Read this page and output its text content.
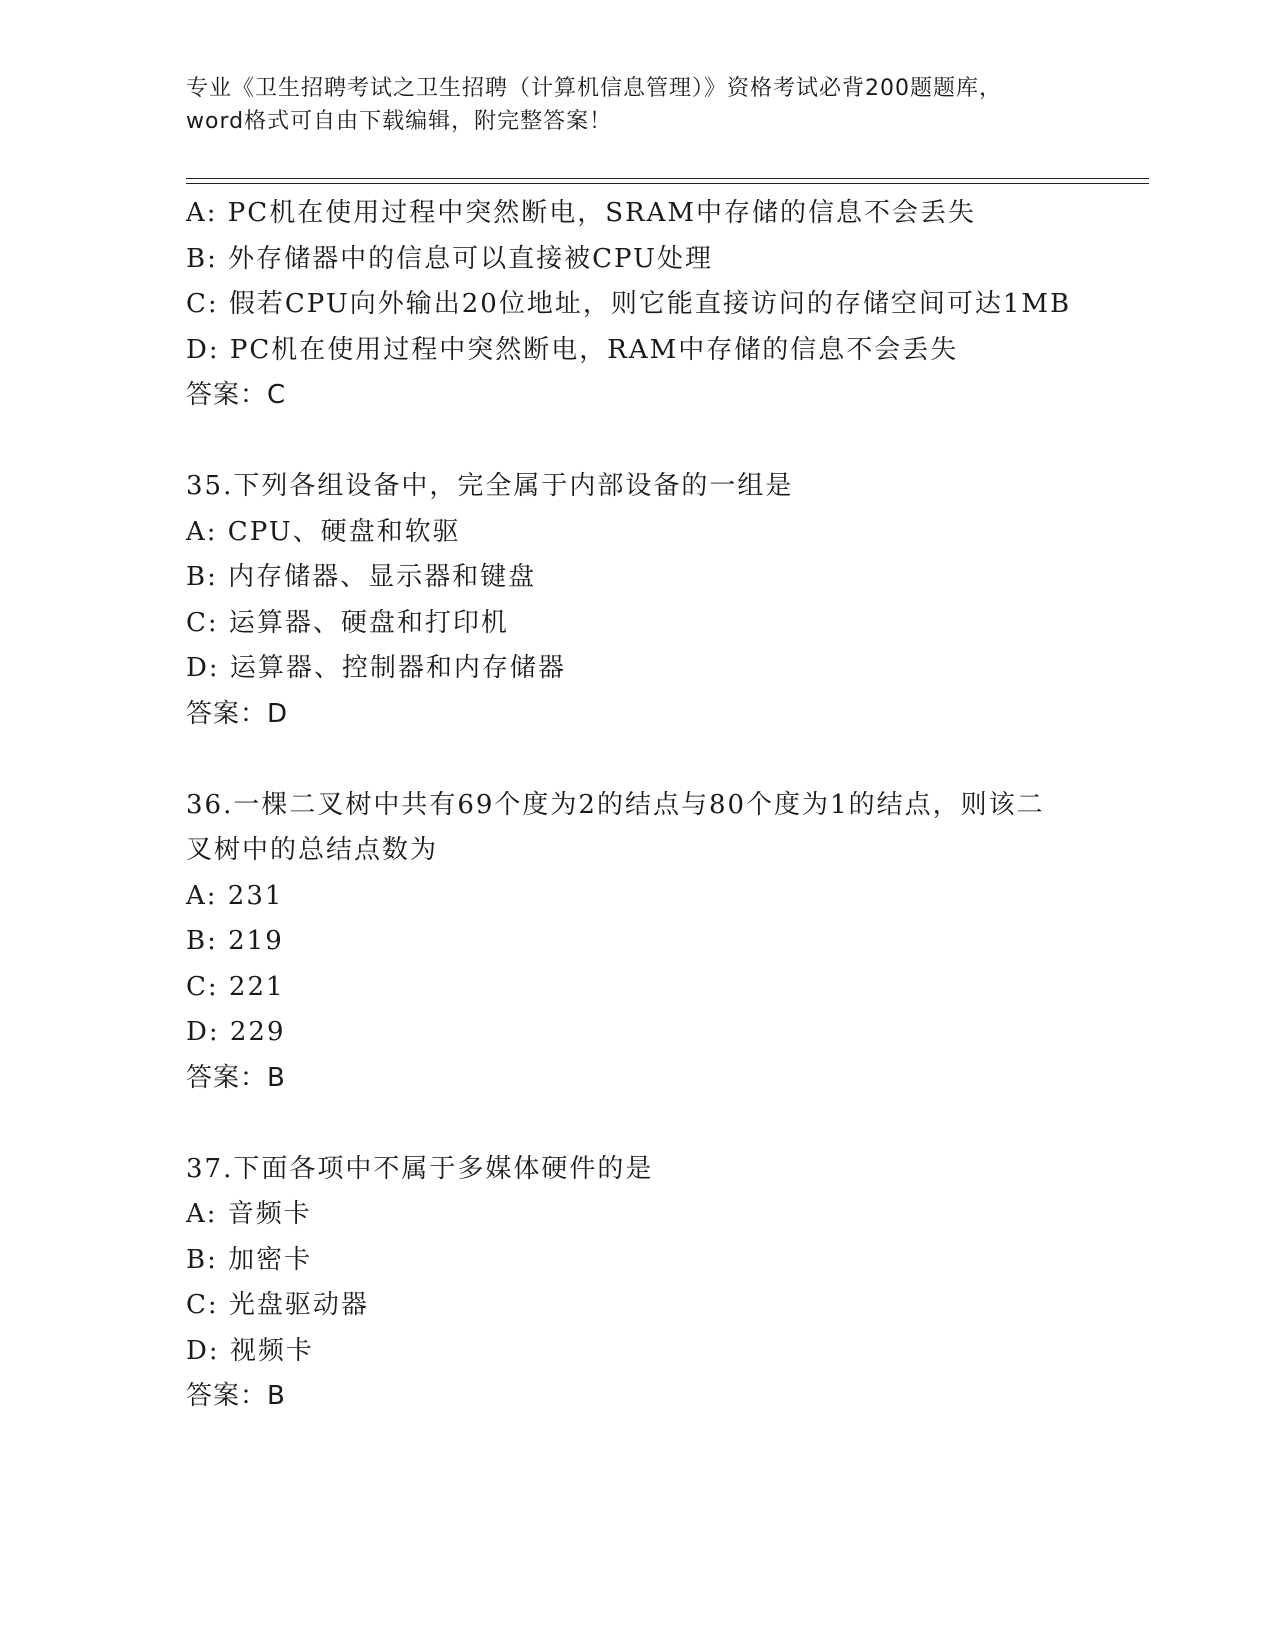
专业《卫生招聘考试之卫生招聘（计算机信息管理）》资格考试必背200题题库，
word格式可自由下载编辑，附完整答案！
A: PC机在使用过程中突然断电，SRAM中存储的信息不会丢失
B: 外存储器中的信息可以直接被CPU处理
C: 假若CPU向外输出20位地址，则它能直接访问的存储空间可达1MB
D: PC机在使用过程中突然断电，RAM中存储的信息不会丢失
答案：C
35.下列各组设备中，完全属于内部设备的一组是
A: CPU、硬盘和软驱
B: 内存储器、显示器和键盘
C: 运算器、硬盘和打印机
D: 运算器、控制器和内存储器
答案：D
36.一棵二叉树中共有69个度为2的结点与80个度为1的结点，则该二叉树中的总结点数为
A: 231
B: 219
C: 221
D: 229
答案：B
37.下面各项中不属于多媒体硬件的是
A: 音频卡
B: 加密卡
C: 光盘驱动器
D: 视频卡
答案：B
